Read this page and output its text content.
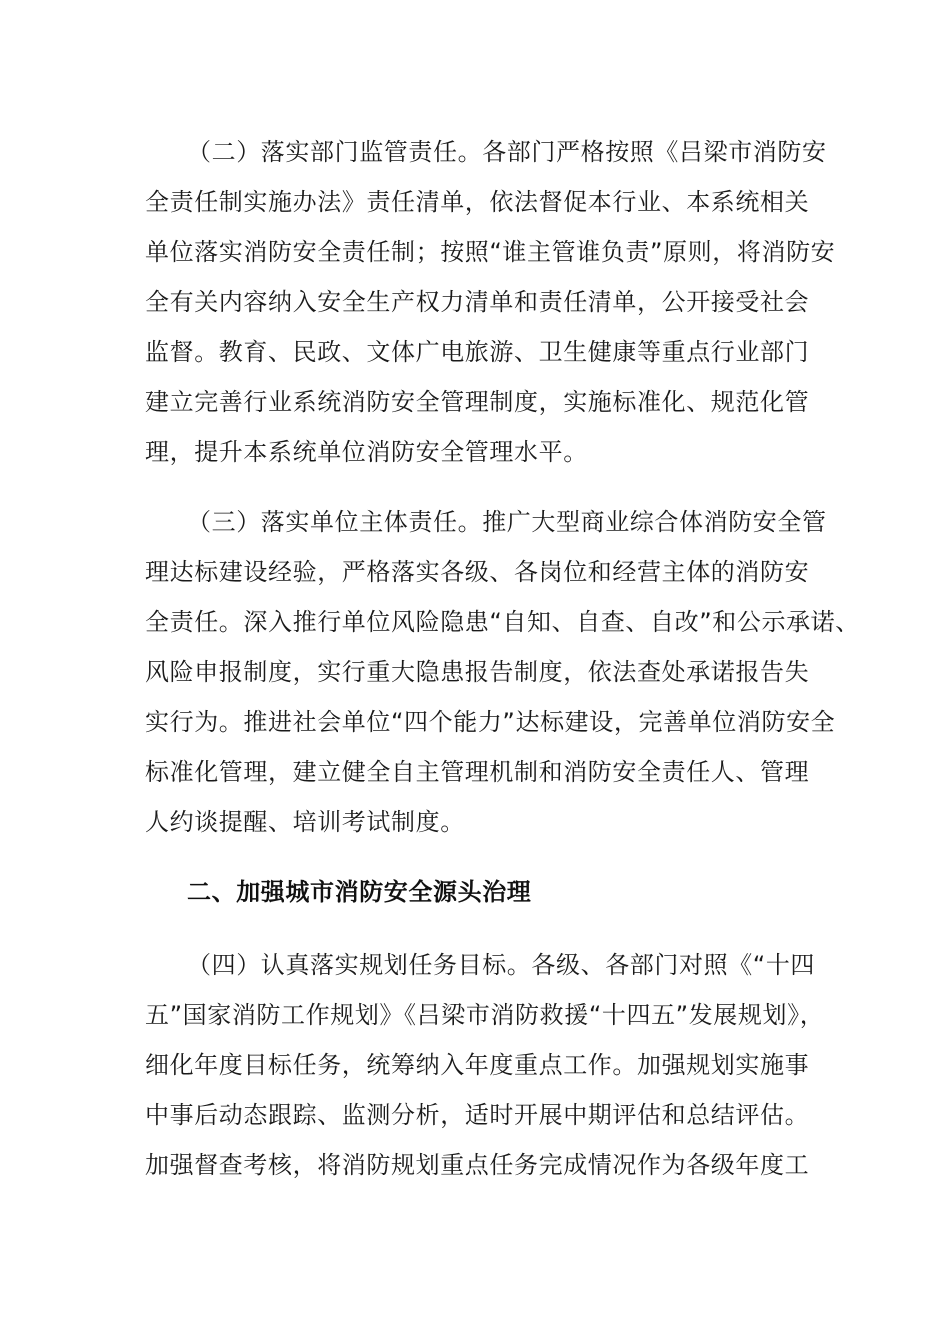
（二）落实部门监管责任。各部门严格按照《吕梁市消防安
全责任制实施办法》责任清单，依法督促本行业、本系统相关
单位落实消防安全责任制；按照“谁主管谁负责”原则，将消防安
全有关内容纳入安全生产权力清单和责任清单，公开接受社会
监督。教育、民政、文体广电旅游、卫生健康等重点行业部门
建立完善行业系统消防安全管理制度，实施标准化、规范化管
理，提升本系统单位消防安全管理水平。
（三）落实单位主体责任。推广大型商业综合体消防安全管
理达标建设经验，严格落实各级、各岗位和经营主体的消防安
全责任。深入推行单位风险隐患“自知、自查、自改”和公示承诺、
风险申报制度，实行重大隐患报告制度，依法查处承诺报告失
实行为。推进社会单位“四个能力”达标建设，完善单位消防安全
标准化管理，建立健全自主管理机制和消防安全责任人、管理
人约谈提醒、培训考试制度。
二、加强城市消防安全源头治理
（四）认真落实规划任务目标。各级、各部门对照《“十四
五”国家消防工作规划》《吕梁市消防救援“十四五”发展规划》，
细化年度目标任务，统筹纳入年度重点工作。加强规划实施事
中事后动态跟踪、监测分析，适时开展中期评估和总结评估。
加强督查考核，将消防规划重点任务完成情况作为各级年度工
